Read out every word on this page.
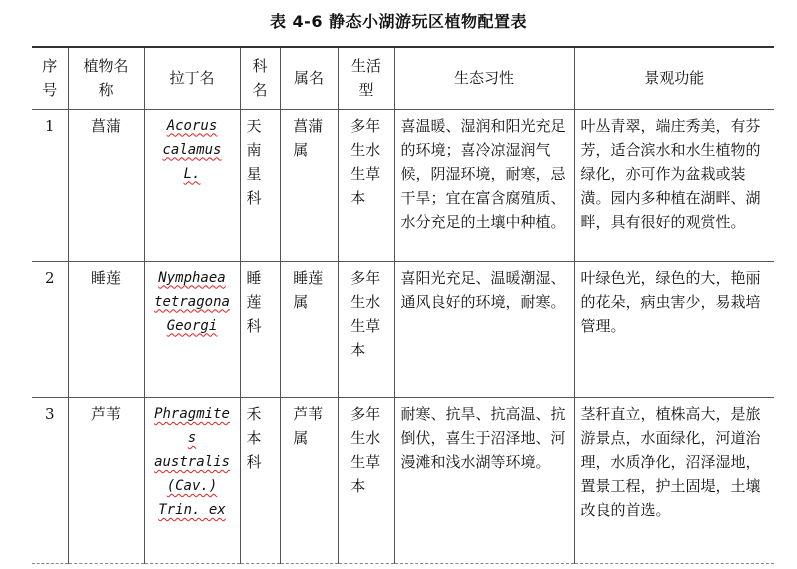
表 4-6 静态小湖游玩区植物配置表
序号	植物名称	拉丁名	科名	属名	生活型	生态习性	景观功能
1	菖蒲	Acorus calamus L.	天南星科	菖蒲属	多年生水生草本	喜温暖、湿润和阳光充足的环境；喜冷凉湿润气候，阴湿环境，耐寒，忌干旱；宜在富含腐殖质、水分充足的土壤中种植。	叶丛青翠，端庄秀美，有芬芳，适合滨水和水生植物的绿化，亦可作为盆栽或装潢。园内多种植在湖畔、湖畔，具有很好的观赏性。
2	睡莲	Nymphaea tetragona Georgi	睡莲科	睡莲属	多年生水生草本	喜阳光充足、温暖潮湿、通风良好的环境，耐寒。	叶绿色光，绿色的大，艳丽的花朵，病虫害少，易栽培管理。
3	芦苇	Phragmites australis (Cav.) Trin. ex	禾本科	芦苇属	多年生水生草本	耐寒、抗旱、抗高温、抗倒伏，喜生于沼泽地、河漫滩和浅水湖等环境。	茎秆直立，植株高大，是旅游景点，水面绿化，河道治理，水质净化，沼泽湿地，置景工程，护土固堤，土壤改良的首选。
